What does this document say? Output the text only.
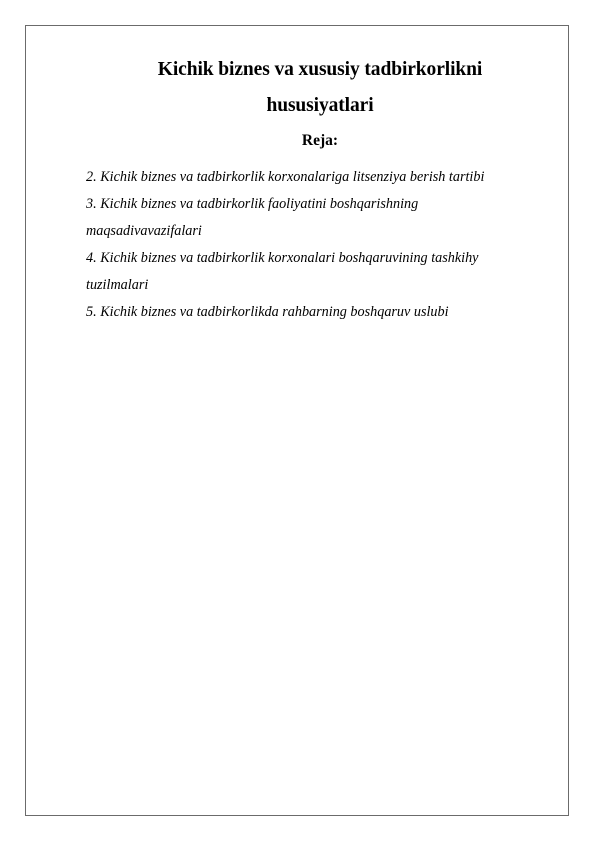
Kichik biznes va xususiy tadbirkorlikni
hususiyatlari
Reja:
2. Kichik biznes va tadbirkorlik korxonalariga litsenziya berish tartibi
3. Kichik biznes va tadbirkorlik faoliyatini boshqarishning
maqsadivavazifalari
4. Kichik biznes va tadbirkorlik korxonalari boshqaruvining tashkihy
tuzilmalari
5. Kichik biznes va tadbirkorlikda rahbarning boshqaruv uslubi
